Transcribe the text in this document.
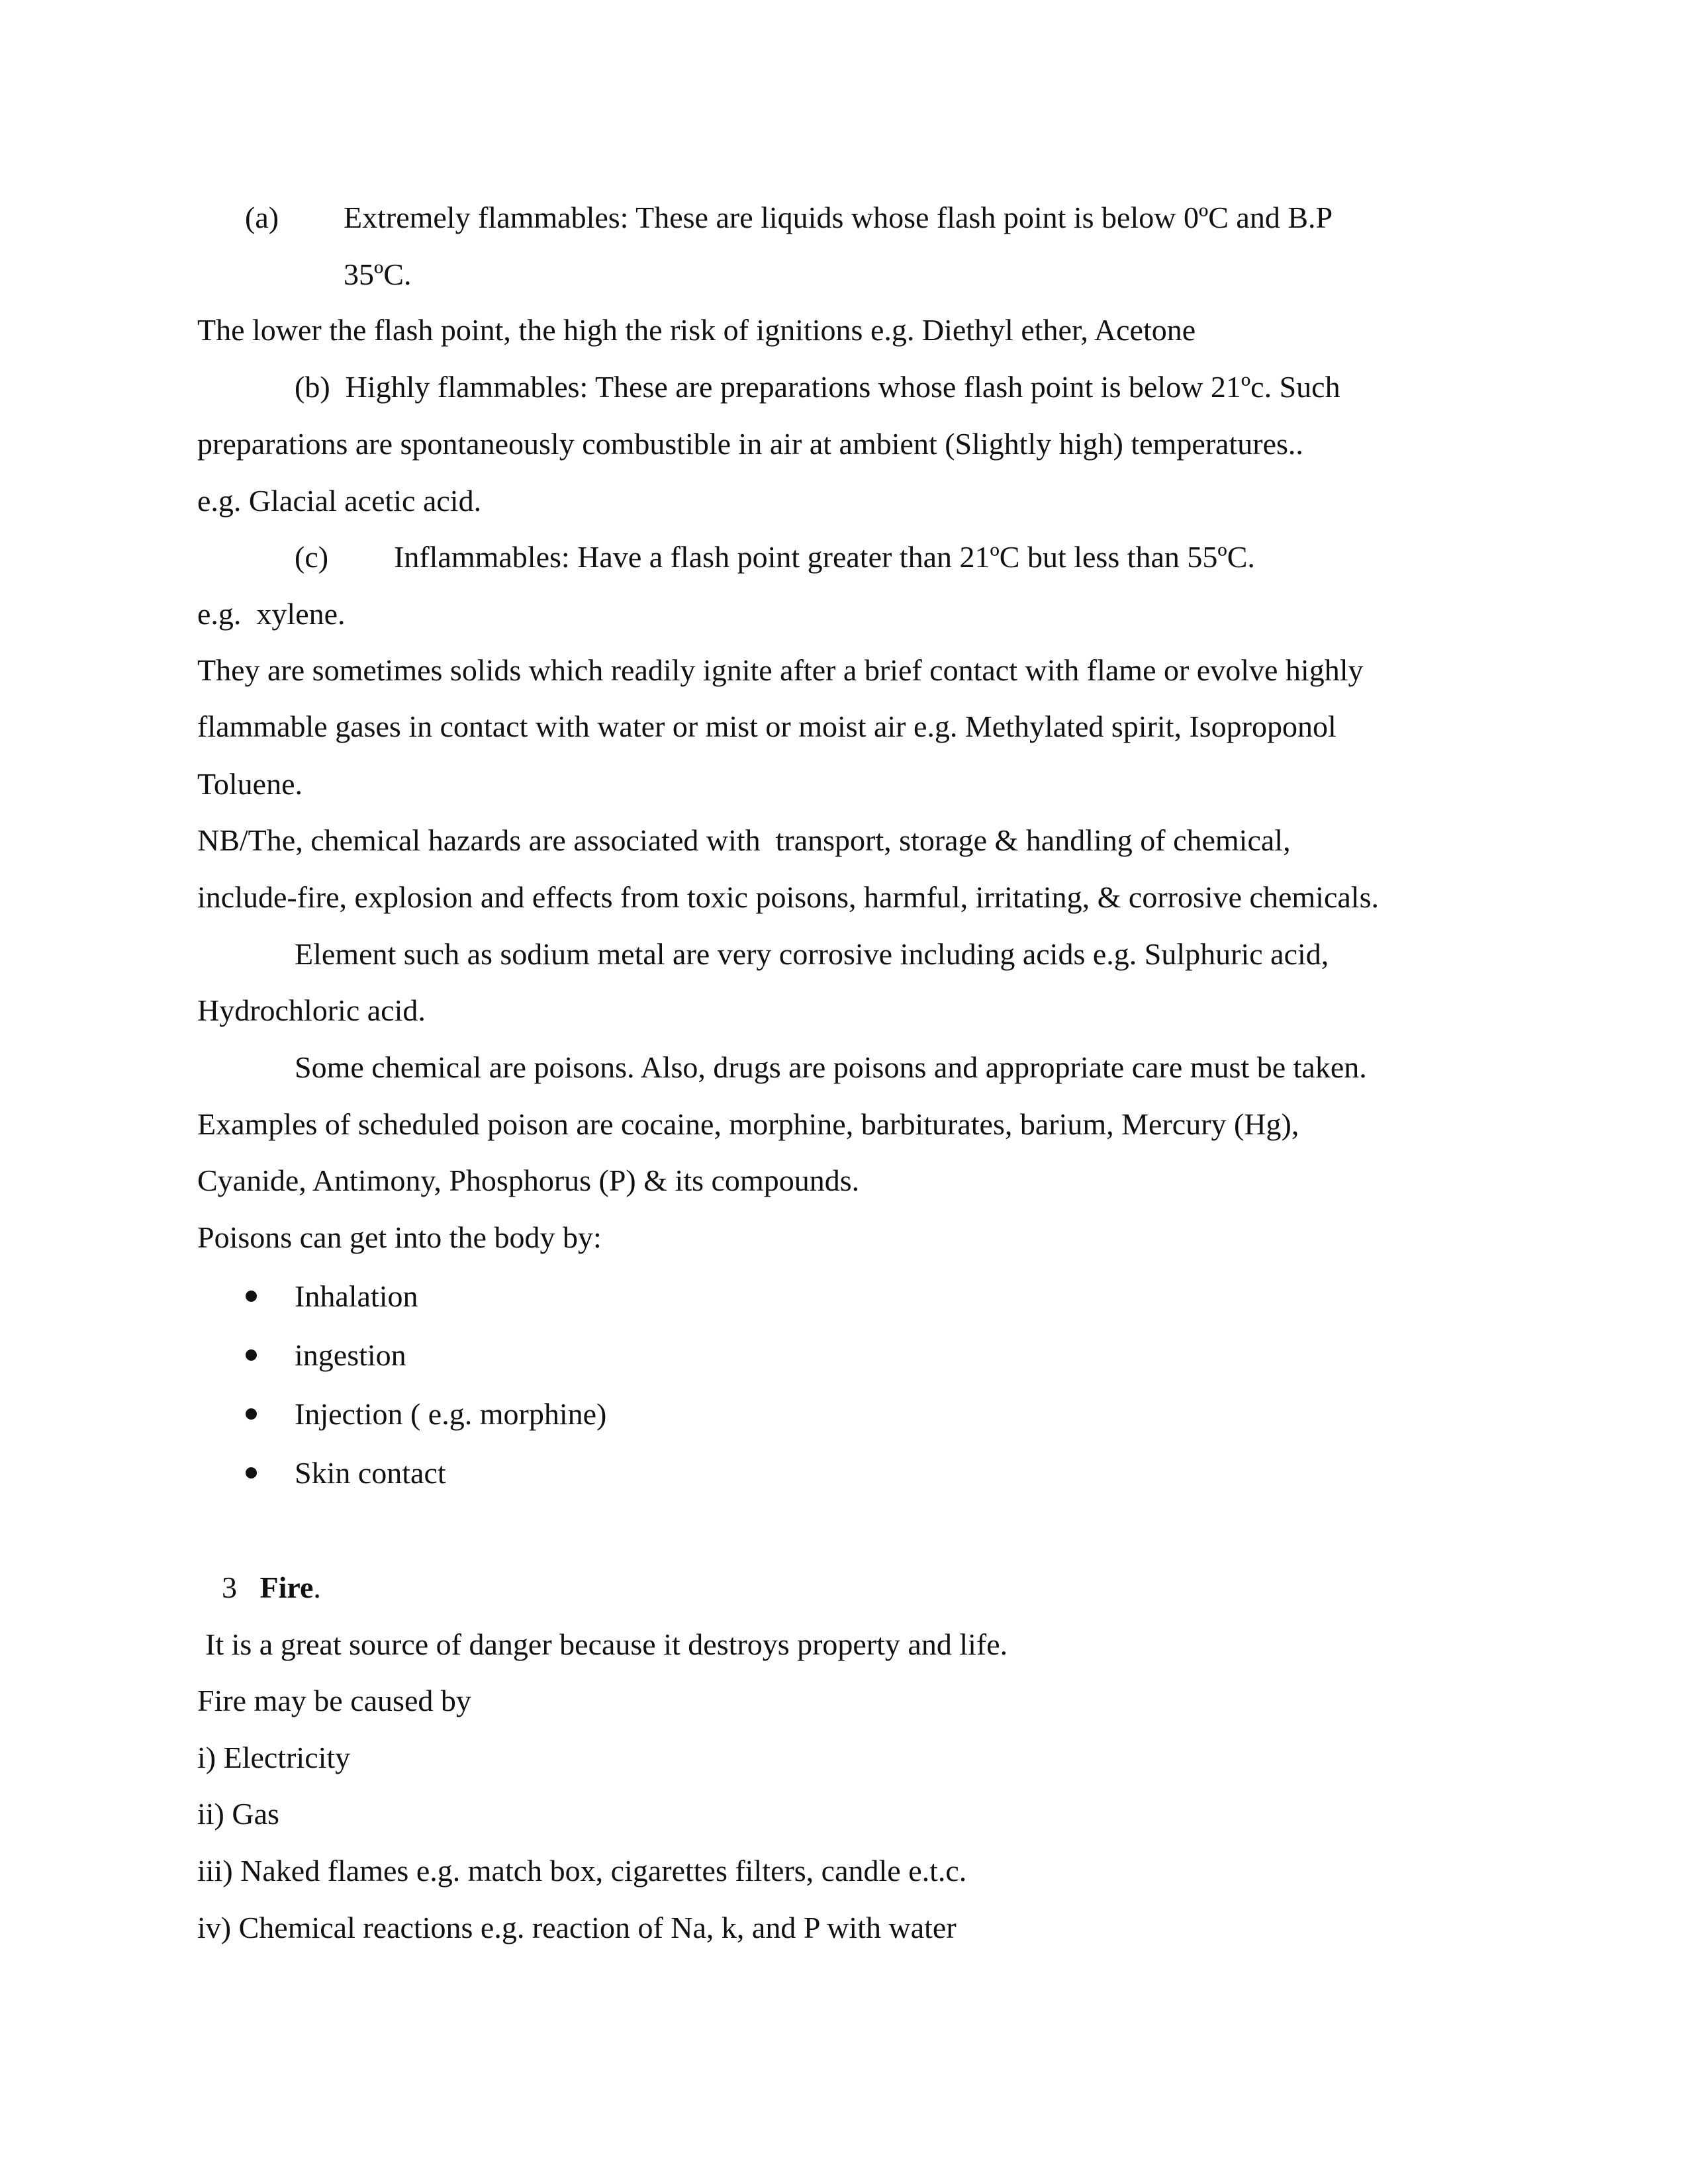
(a) Extremely flammables: These are liquids whose flash point is below 0ºC and B.P
35ºC.
The lower the flash point, the high the risk of ignitions e.g. Diethyl ether, Acetone
(b)  Highly flammables: These are preparations whose flash point is below 21ºc. Such
preparations are spontaneously combustible in air at ambient (Slightly high) temperatures..
e.g. Glacial acetic acid.
(c) Inflammables: Have a flash point greater than 21ºC but less than 55ºC.
e.g.  xylene.
They are sometimes solids which readily ignite after a brief contact with flame or evolve highly
flammable gases in contact with water or mist or moist air e.g. Methylated spirit, Isoproponol
Toluene.
NB/The, chemical hazards are associated with  transport, storage & handling of chemical,
include-fire, explosion and effects from toxic poisons, harmful, irritating, & corrosive chemicals.
Element such as sodium metal are very corrosive including acids e.g. Sulphuric acid,
Hydrochloric acid.
Some chemical are poisons. Also, drugs are poisons and appropriate care must be taken.
Examples of scheduled poison are cocaine, morphine, barbiturates, barium, Mercury (Hg),
Cyanide, Antimony, Phosphorus (P) & its compounds.
Poisons can get into the body by:
Inhalation
ingestion
Injection ( e.g. morphine)
Skin contact
3 Fire.
It is a great source of danger because it destroys property and life.
Fire may be caused by
i) Electricity
ii) Gas
iii) Naked flames e.g. match box, cigarettes filters, candle e.t.c.
iv) Chemical reactions e.g. reaction of Na, k, and P with water
